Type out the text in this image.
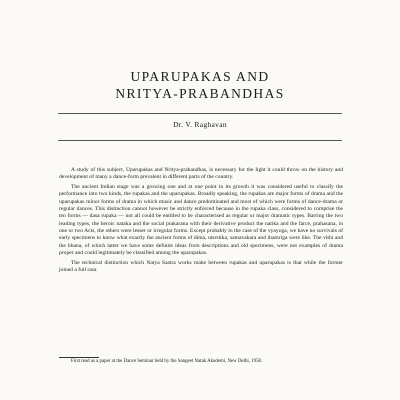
UPARUPAKAS AND
NRITYA-PRABANDHAS
Dr. V. Raghavan

A study of this subject, Uparupakas and Nritya-prabandhas, is necessary for the light it could throw on the history and development of many a dance-form prevalent in different parts of the country.

The ancient Indian stage was a growing one and at one point in its growth it was considered useful to classify the performance into two kinds, the rupakas and the uparupakas. Broadly speaking, the rupakas are major forms of drama and the uparupakas minor forms of drama in which music and dance predominated and most of which were forms of dance-drama or regular dances. This distinction cannot however be strictly enforced because in the rupaka class, considered to comprise the ten forms — dasa rupaka — not all could be entitled to be characterised as regular or major dramatic types. Barring the two leading types, the heroic nataka and the social prakarana with their derivative product the natika and the farce, prahasana, in one or two Acts, the others were lesser or irregular forms. Except probably in the case of the vyayoga, we have no survivals of early specimens to know what exactly the ancient forms of dima, utsrstika, samavakara and ihamriga were like. The vithi and the bhana, of which latter we have some definite ideas from descriptions and old specimens, were not examples of drama proper and could legitimately be classified among the uparupakas.

The technical distinction which Natya Sastra works make between rupakas and uparupakas is that while the former joined a full rasa

First read as a paper at the Dance Seminar held by the Sangeet Natak Akademi, New Delhi, 1958.
